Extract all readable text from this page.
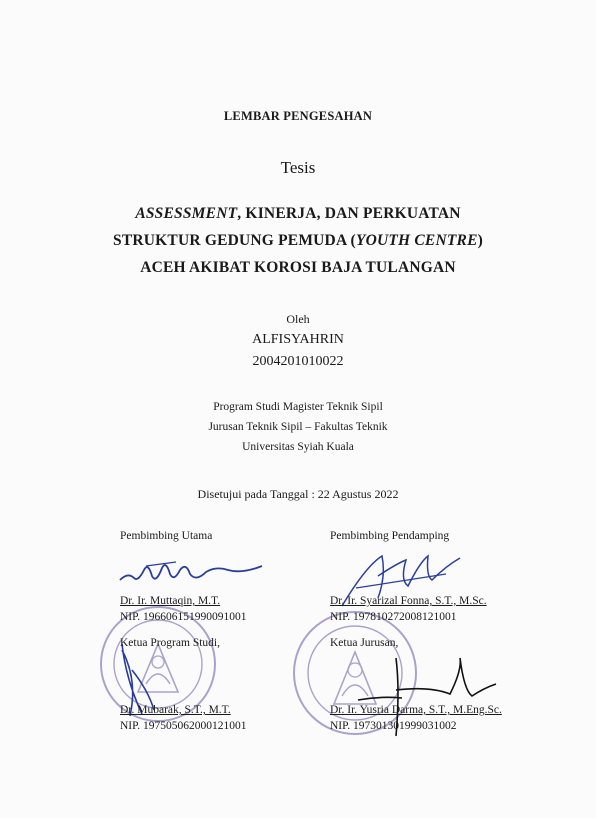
LEMBAR PENGESAHAN
Tesis
ASSESSMENT, KINERJA, DAN PERKUATAN
STRUKTUR GEDUNG PEMUDA (YOUTH CENTRE)
ACEH AKIBAT KOROSI BAJA TULANGAN
Oleh
ALFISYAHRIN
2004201010022
Program Studi Magister Teknik Sipil
Jurusan Teknik Sipil – Fakultas Teknik
Universitas Syiah Kuala
Disetujui pada Tanggal : 22 Agustus 2022
Pembimbing Utama
Dr. Ir. Muttaqin, M.T.
NIP. 196606151990091001
Pembimbing Pendamping
Dr. Ir. Syarizal Fonna, S.T., M.Sc.
NIP. 197810272008121001
Ketua Program Studi,
Dr. Mubarak, S.T., M.T.
NIP. 197505062000121001
Ketua Jurusan,
Dr. Ir. Yusria Darma, S.T., M.Eng.Sc.
NIP. 197301301999031002
